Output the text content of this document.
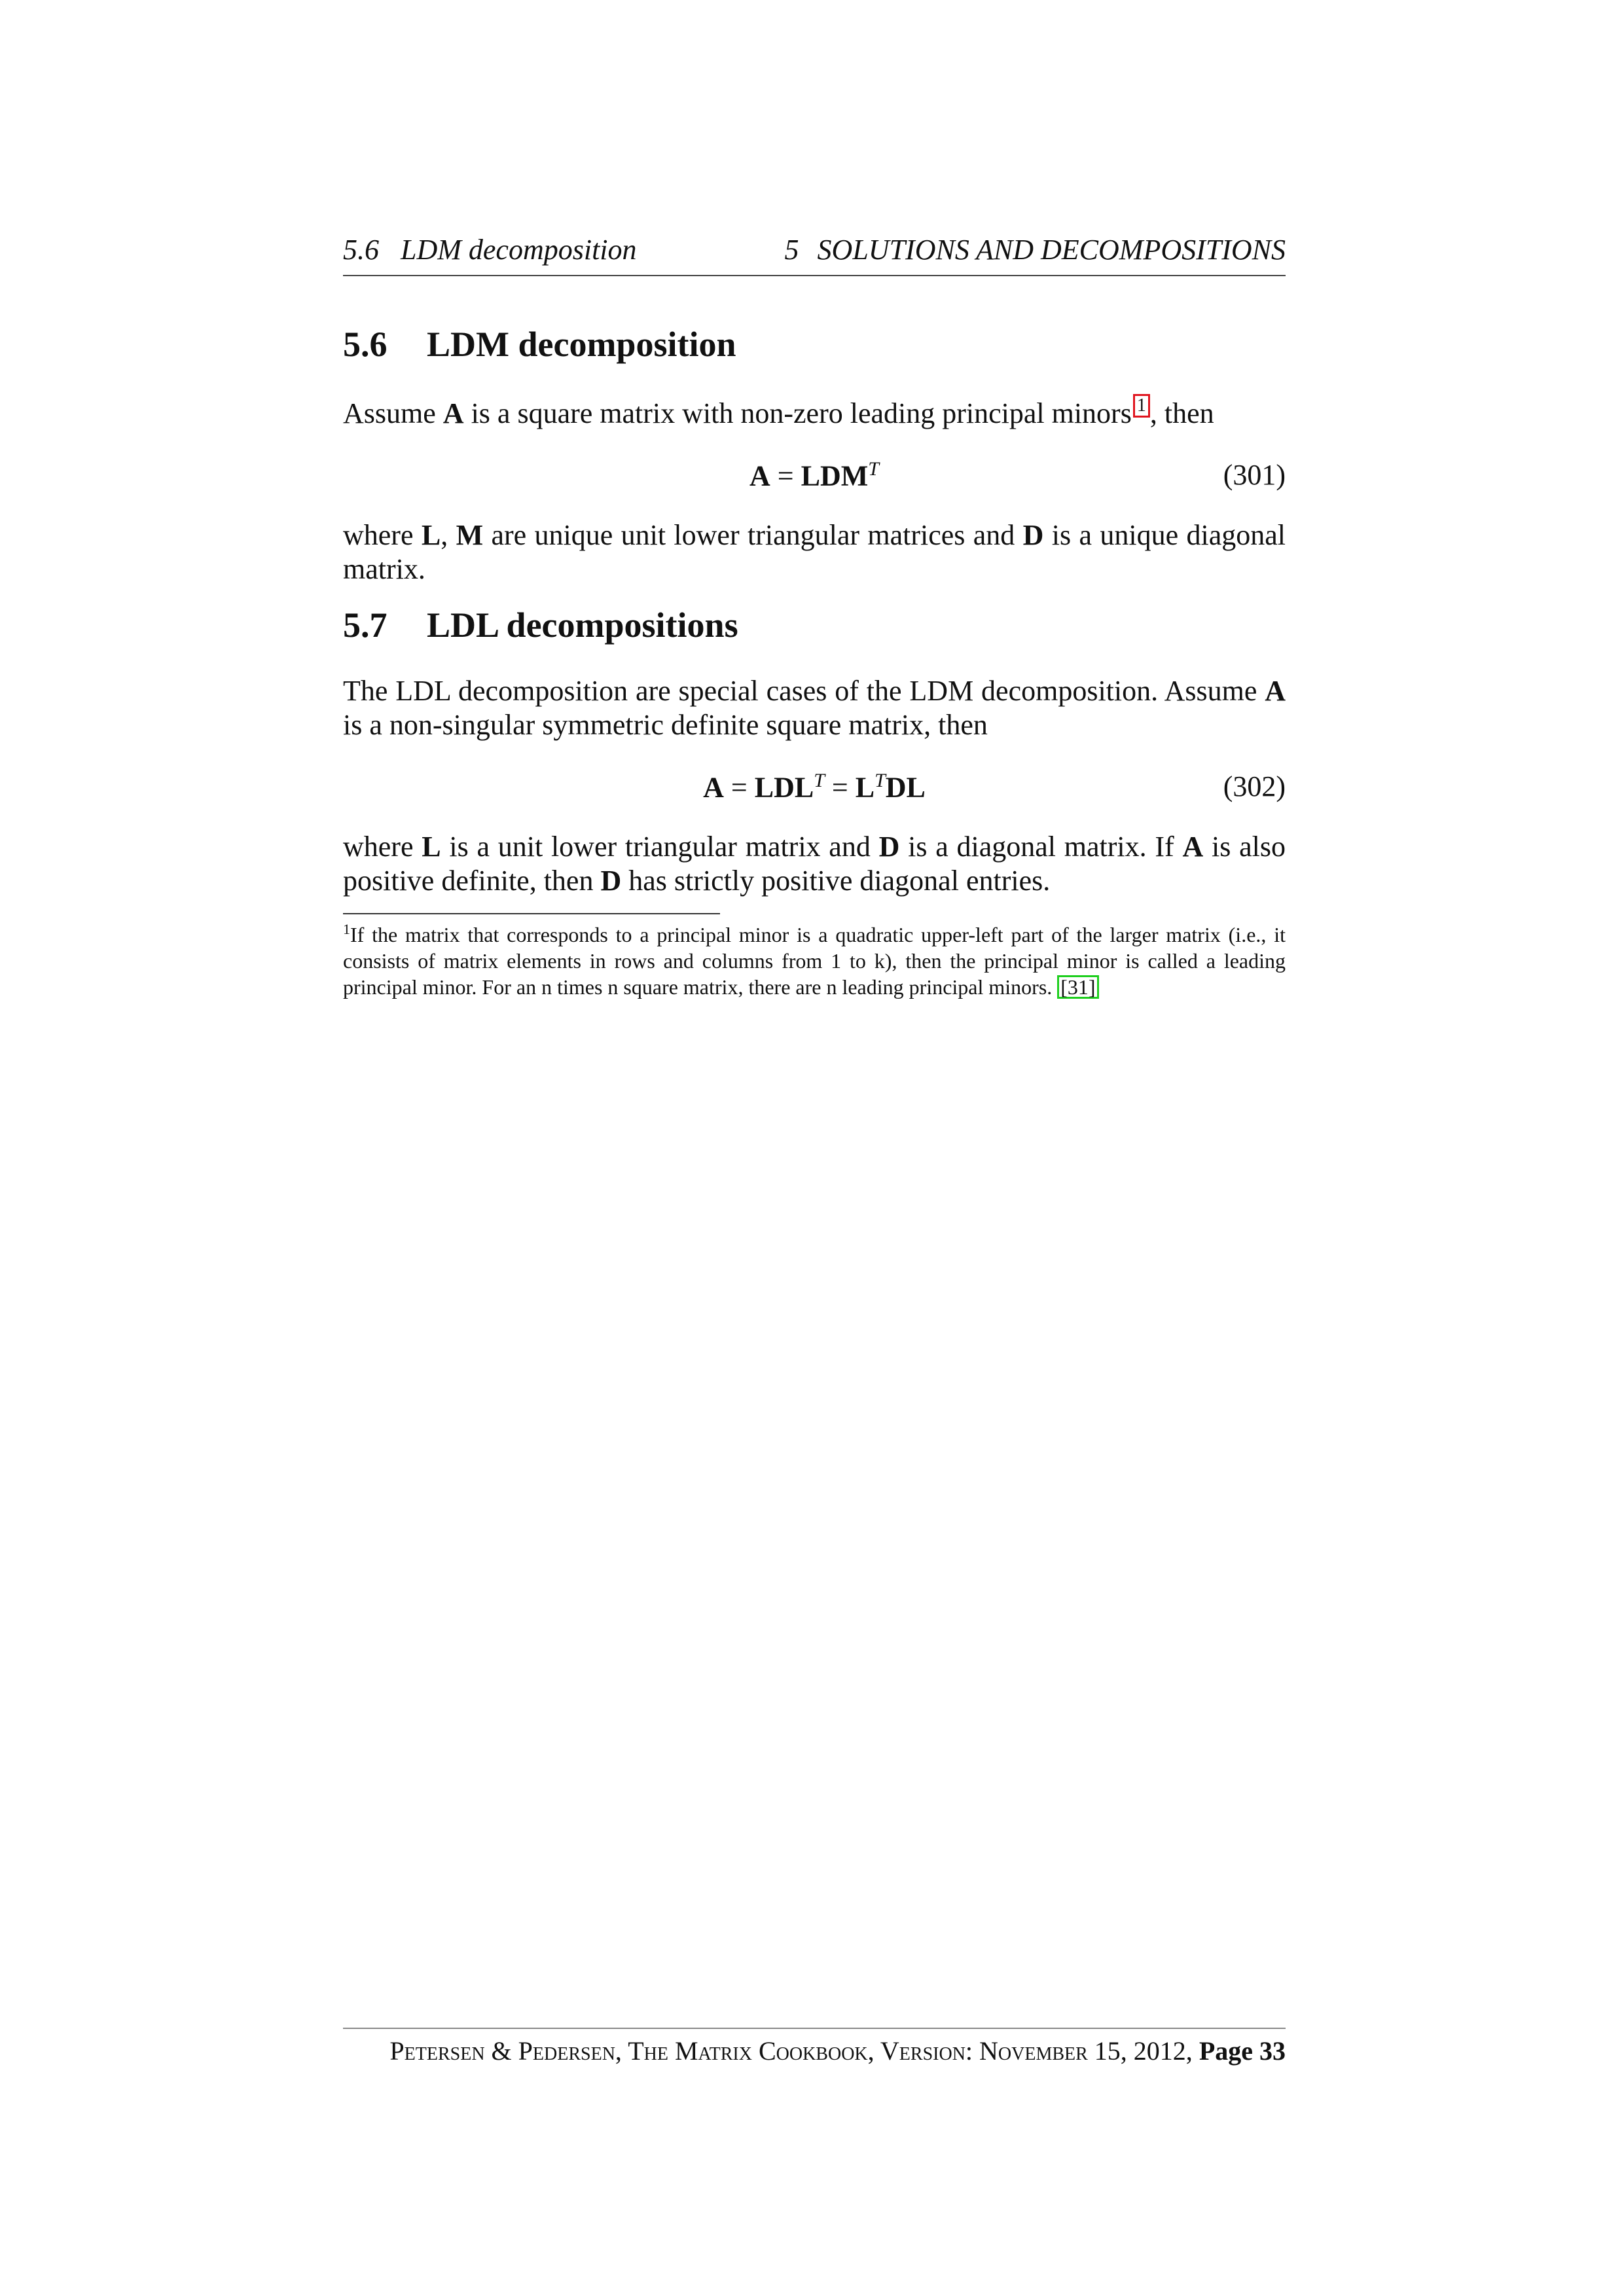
5.6   LDM decomposition	5 SOLUTIONS AND DECOMPOSITIONS
5.6 LDM decomposition

Assume A is a square matrix with non-zero leading principal minors 1 , then

$A = LDM^T$	(301)

where L, M are unique unit lower triangular matrices and D is a unique diagonal matrix.

5.7 LDL decompositions

The LDL decomposition are special cases of the LDM decomposition. Assume A is a non-singular symmetric definite square matrix, then

$A = LDL^T = L^TDL$	(302)

where L is a unit lower triangular matrix and D is a diagonal matrix. If A is also positive definite, then D has strictly positive diagonal entries.

$^1$If the matrix that corresponds to a principal minor is a quadratic upper-left part of the larger matrix (i.e., it consists of matrix elements in rows and columns from 1 to k), then the principal minor is called a leading principal minor. For an n times n square matrix, there are n leading principal minors. [31]

Petersen & Pedersen, The Matrix Cookbook, Version: November 15, 2012, Page 33
